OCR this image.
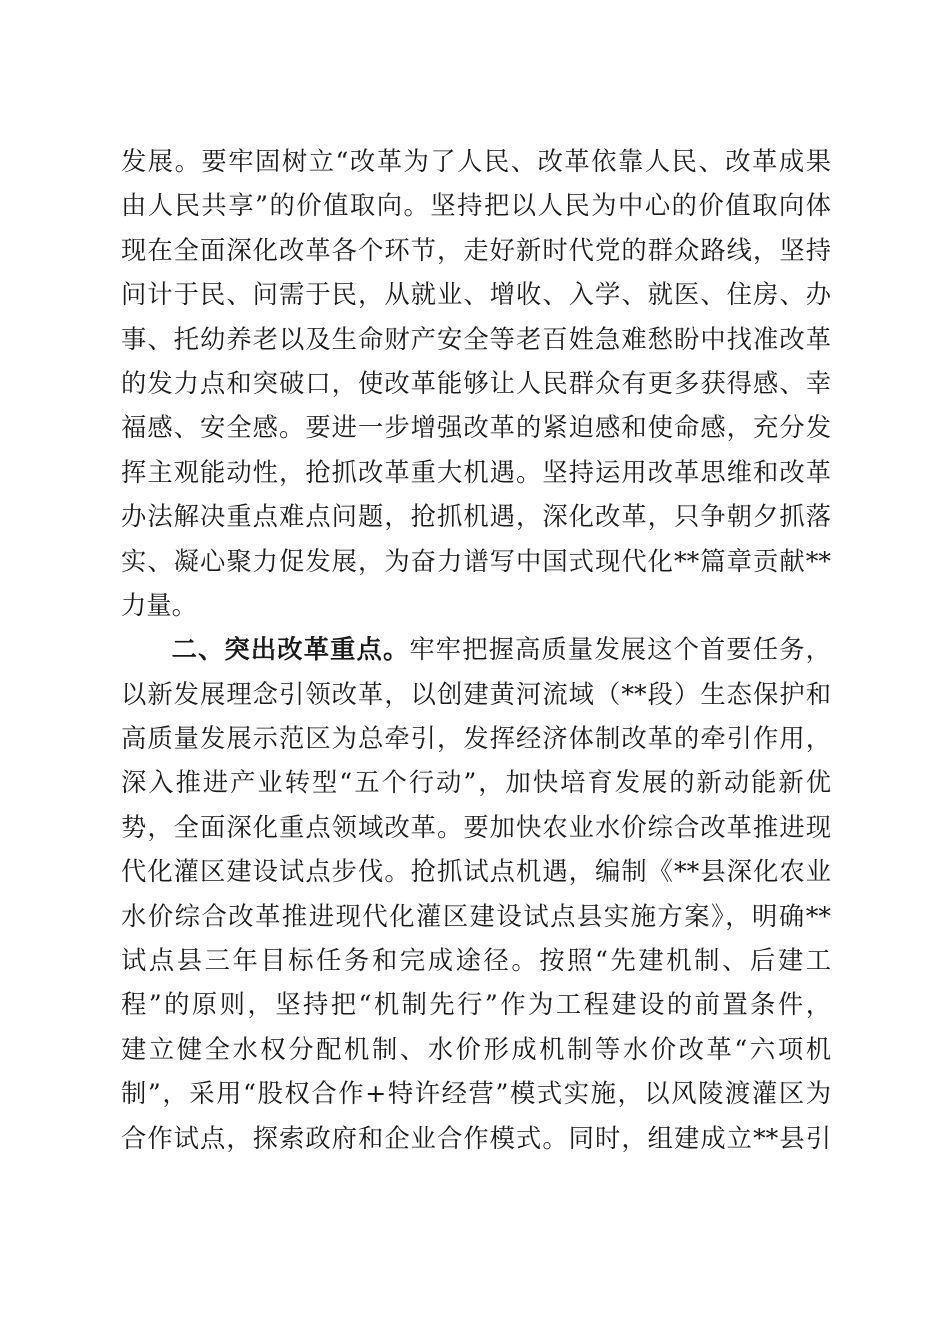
发展。要牢固树立“改革为了人民、改革依靠人民、改革成果
由人民共享”的价值取向。坚持把以人民为中心的价值取向体
现在全面深化改革各个环节，走好新时代党的群众路线，坚持
问计于民、问需于民，从就业、增收、入学、就医、住房、办
事、托幼养老以及生命财产安全等老百姓急难愁盼中找准改革
的发力点和突破口，使改革能够让人民群众有更多获得感、幸
福感、安全感。要进一步增强改革的紧迫感和使命感，充分发
挥主观能动性，抢抓改革重大机遇。坚持运用改革思维和改革
办法解决重点难点问题，抢抓机遇，深化改革，只争朝夕抓落
实、凝心聚力促发展，为奋力谱写中国式现代化**篇章贡献**
力量。
二、突出改革重点。牢牢把握高质量发展这个首要任务，
以新发展理念引领改革，以创建黄河流域（**段）生态保护和
高质量发展示范区为总牵引，发挥经济体制改革的牵引作用，
深入推进产业转型“五个行动”，加快培育发展的新动能新优
势，全面深化重点领域改革。要加快农业水价综合改革推进现
代化灌区建设试点步伐。抢抓试点机遇，编制《**县深化农业
水价综合改革推进现代化灌区建设试点县实施方案》，明确**
试点县三年目标任务和完成途径。按照“先建机制、后建工
程”的原则，坚持把“机制先行”作为工程建设的前置条件，
建立健全水权分配机制、水价形成机制等水价改革“六项机
制”，采用“股权合作+特许经营”模式实施，以风陵渡灌区为
合作试点，探索政府和企业合作模式。同时，组建成立**县引
